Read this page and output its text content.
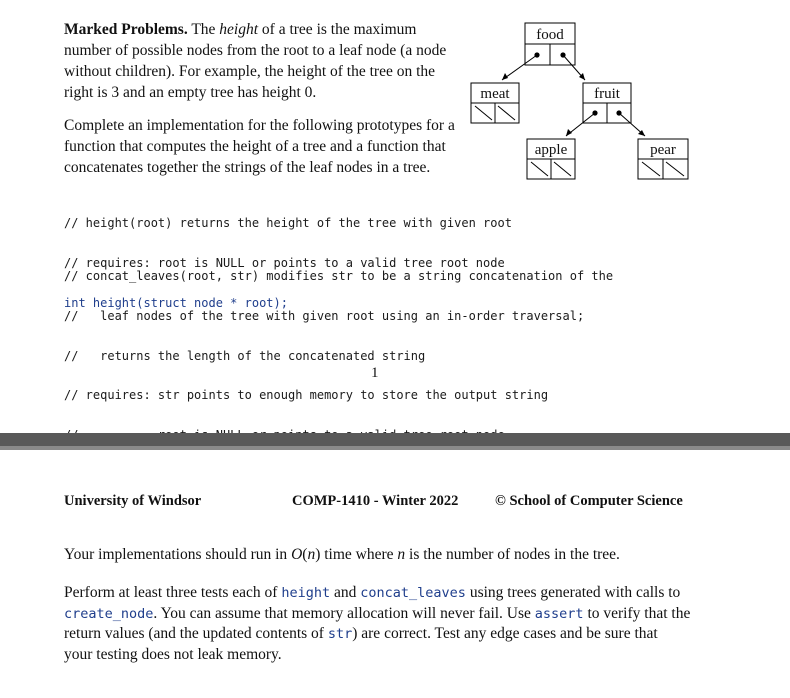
Marked Problems. The height of a tree is the maximum
number of possible nodes from the root to a leaf node (a node
without children). For example, the height of the tree on the
right is 3 and an empty tree has height 0.

Complete an implementation for the following prototypes for a
function that computes the height of a tree and a function that
concatenates together the strings of the leaf nodes in a tree.

food
meat	fruit
apple	pear

// height(root) returns the height of the tree with given root

// requires: root is NULL or points to a valid tree root node

int height(struct node * root);

// concat_leaves(root, str) modifies str to be a string concatenation of the

//   leaf nodes of the tree with given root using an in-order traversal;

//   returns the length of the concatenated string

// requires: str points to enough memory to store the output string

1

University of Windsor	COMP-1410 - Winter 2022	© School of Computer Science

Your implementations should run in O(n) time where n is the number of nodes in the tree.

Perform at least three tests each of height and concat_leaves using trees generated with calls to
create_node. You can assume that memory allocation will never fail. Use assert to verify that the
return values (and the updated contents of str) are correct. Test any edge cases and be sure that
your testing does not leak memory.
